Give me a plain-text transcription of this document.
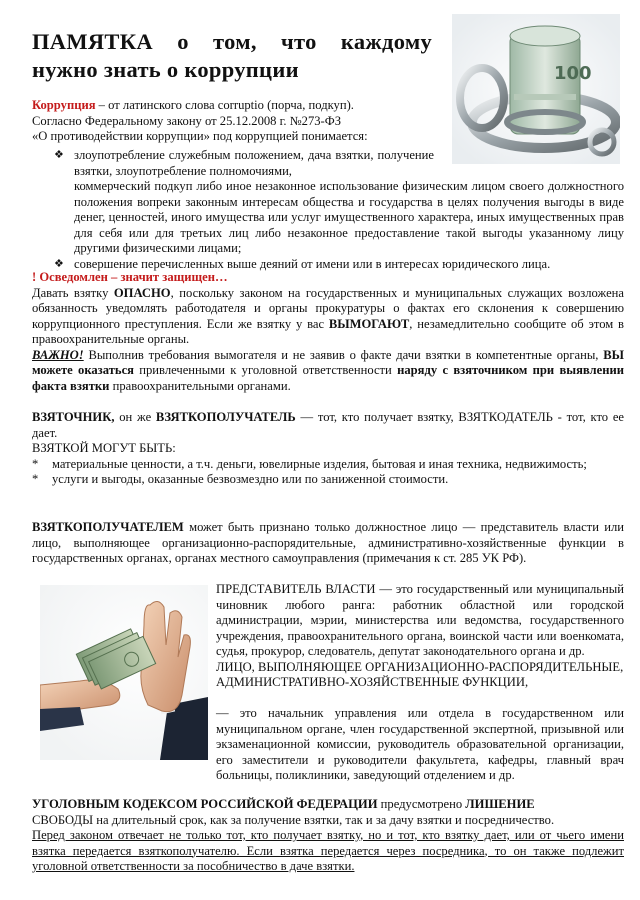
ПАМЯТКА о том, что каждому
нужно знать о коррупции	100
Коррупция – от латинского слова corruptio (порча, подкуп).
Согласно Федеральному закону от 25.12.2008 г. №273-ФЗ
«О противодействии коррупции» под коррупцией понимается:
❖ злоупотребление служебным положением, дача взятки, получение взятки, злоупотребление полномочиями,
коммерческий подкуп либо иное незаконное использование физическим лицом своего должностного положения вопреки законным интересам общества и государства в целях получения выгоды в виде денег, ценностей, иного имущества или услуг имущественного характера, иных имущественных прав для себя или для третьих лиц либо незаконное предоставление такой выгоды указанному лицу другими физическими лицами;
❖ совершение перечисленных выше деяний от имени или в интересах юридического лица.
! Осведомлен – значит защищен…
Давать взятку ОПАСНО, поскольку законом на государственных и муниципальных служащих возложена обязанность уведомлять работодателя и органы прокуратуры о фактах его склонения к совершению коррупционного преступления. Если же взятку у вас ВЫМОГАЮТ, незамедлительно сообщите об этом в правоохранительные органы.
ВАЖНО! Выполнив требования вымогателя и не заявив о факте дачи взятки в компетентные органы, ВЫ можете оказаться привлеченными к уголовной ответственности наряду с взяточником при выявлении факта взятки правоохранительными органами.
ВЗЯТОЧНИК, он же ВЗЯТКОПОЛУЧАТЕЛЬ — тот, кто получает взятку, ВЗЯТКОДАТЕЛЬ - тот, кто ее дает.
ВЗЯТКОЙ МОГУТ БЫТЬ:
* материальные ценности, а т.ч. деньги, ювелирные изделия, бытовая и иная техника, недвижимость;
* услуги и выгоды, оказанные безвозмездно или по заниженной стоимости.
ВЗЯТКОПОЛУЧАТЕЛЕМ может быть признано только должностное лицо — представитель власти или лицо, выполняющее организационно-распорядительные, административно-хозяйственные функции в государственных органах, органах местного самоуправления (примечания к ст. 285 УК РФ).
ПРЕДСТАВИТЕЛЬ ВЛАСТИ — это государственный или муниципальный чиновник любого ранга: работник областной или городской администрации, мэрии, министерства или ведомства, государственного учреждения, правоохранительного органа, воинской части или военкомата, судья, прокурор, следователь, депутат законодательного органа и др.
ЛИЦО, ВЫПОЛНЯЮЩЕЕ ОРГАНИЗАЦИОННО-РАСПОРЯДИТЕЛЬНЫЕ, АДМИНИСТРАТИВНО-ХОЗЯЙСТВЕННЫЕ ФУНКЦИИ,
— это начальник управления или отдела в государственном или муниципальном органе, член государственной экспертной, призывной или экзаменационной комиссии, руководитель образовательной организации, его заместители и руководители факультета, кафедры, главный врач больницы, поликлиники, заведующий отделением и др.
УГОЛОВНЫМ КОДЕКСОМ РОССИЙСКОЙ ФЕДЕРАЦИИ предусмотрено ЛИШЕНИЕ
СВОБОДЫ на длительный срок, как за получение взятки, так и за дачу взятки и посредничество.
Перед законом отвечает не только тот, кто получает взятку, но и тот, кто взятку дает, или от чьего имени взятка передается взяткополучателю. Если взятка передается через посредника, то он также подлежит уголовной ответственности за пособничество в даче взятки.
